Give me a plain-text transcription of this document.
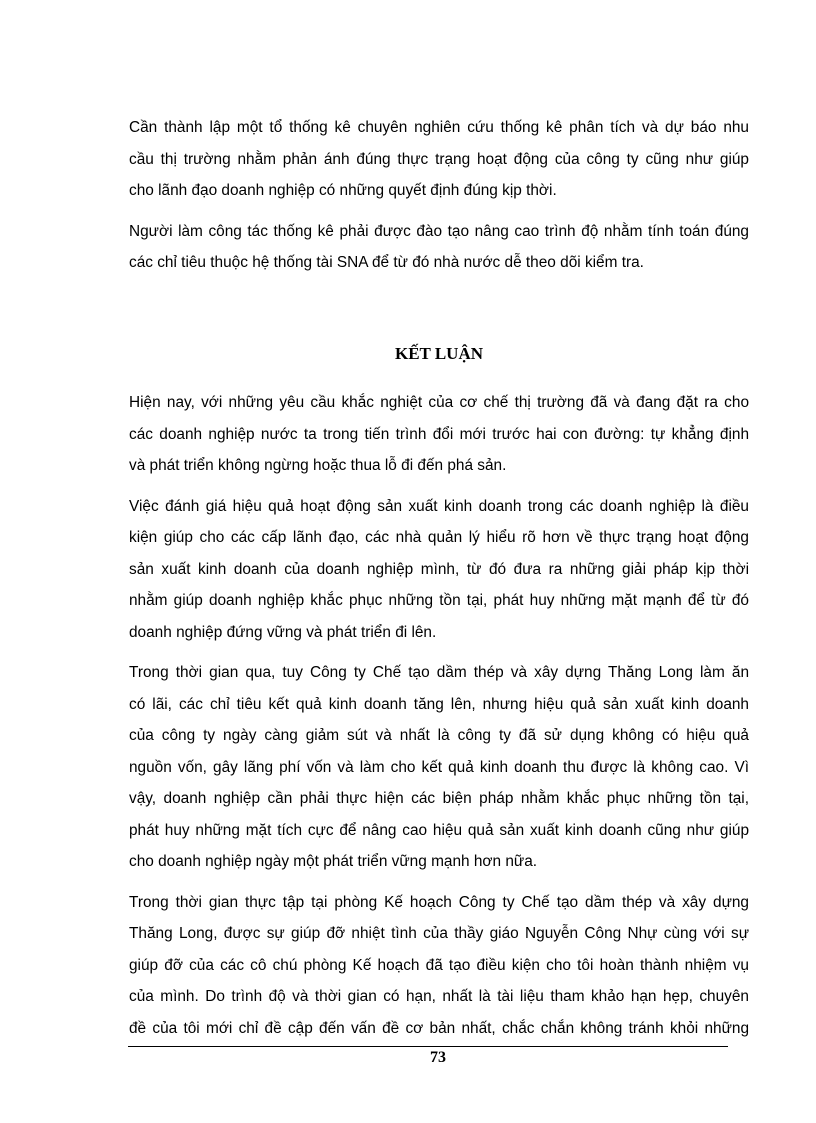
Cần thành lập một tổ thống kê chuyên nghiên cứu thống kê phân tích và dự báo nhu
cầu thị trường nhằm phản ánh đúng thực trạng hoạt động của công ty cũng như giúp
cho lãnh đạo doanh nghiệp có những quyết định đúng kịp thời.

Người làm công tác thống kê phải được đào tạo nâng cao trình độ nhằm tính toán đúng
các chỉ tiêu thuộc hệ thống tài SNA để từ đó nhà nước dễ theo dõi kiểm tra.

KẾT LUẬN

Hiện nay, với những yêu cầu khắc nghiệt của cơ chế thị trường đã và đang đặt ra cho
các doanh nghiệp nước ta trong tiến trình đổi mới trước hai con đường: tự khẳng định
và phát triển không ngừng hoặc thua lỗ đi đến phá sản.

Việc đánh giá hiệu quả hoạt động sản xuất kinh doanh trong các doanh nghiệp là điều
kiện giúp cho các cấp lãnh đạo, các nhà quản lý hiểu rõ hơn về thực trạng hoạt động
sản xuất kinh doanh của doanh nghiệp mình, từ đó đưa ra những giải pháp kịp thời
nhằm giúp doanh nghiệp khắc phục những tồn tại, phát huy những mặt mạnh để từ đó
doanh nghiệp đứng vững và phát triển đi lên.

Trong thời gian qua, tuy Công ty Chế tạo dầm thép và xây dựng Thăng Long làm ăn
có lãi, các chỉ tiêu kết quả kinh doanh tăng lên, nhưng hiệu quả sản xuất kinh doanh
của công ty ngày càng giảm sút và nhất là công ty đã sử dụng không có hiệu quả
nguồn vốn, gây lãng phí vốn và làm cho kết quả kinh doanh thu được là không cao. Vì
vậy, doanh nghiệp cần phải thực hiện các biện pháp nhằm khắc phục những tồn tại,
phát huy những mặt tích cực để nâng cao hiệu quả sản xuất kinh doanh cũng như giúp
cho doanh nghiệp ngày một phát triển vững mạnh hơn nữa.

Trong thời gian thực tập tại phòng Kế hoạch Công ty Chế tạo dầm thép và xây dựng
Thăng Long, được sự giúp đỡ nhiệt tình của thầy giáo Nguyễn Công Nhự cùng với sự
giúp đỡ của các cô chú phòng Kế hoạch đã tạo điều kiện cho tôi hoàn thành nhiệm vụ
của mình. Do trình độ và thời gian có hạn, nhất là tài liệu tham khảo hạn hẹp, chuyên
đề của tôi mới chỉ đề cập đến vấn đề cơ bản nhất, chắc chắn không tránh khỏi những

73
